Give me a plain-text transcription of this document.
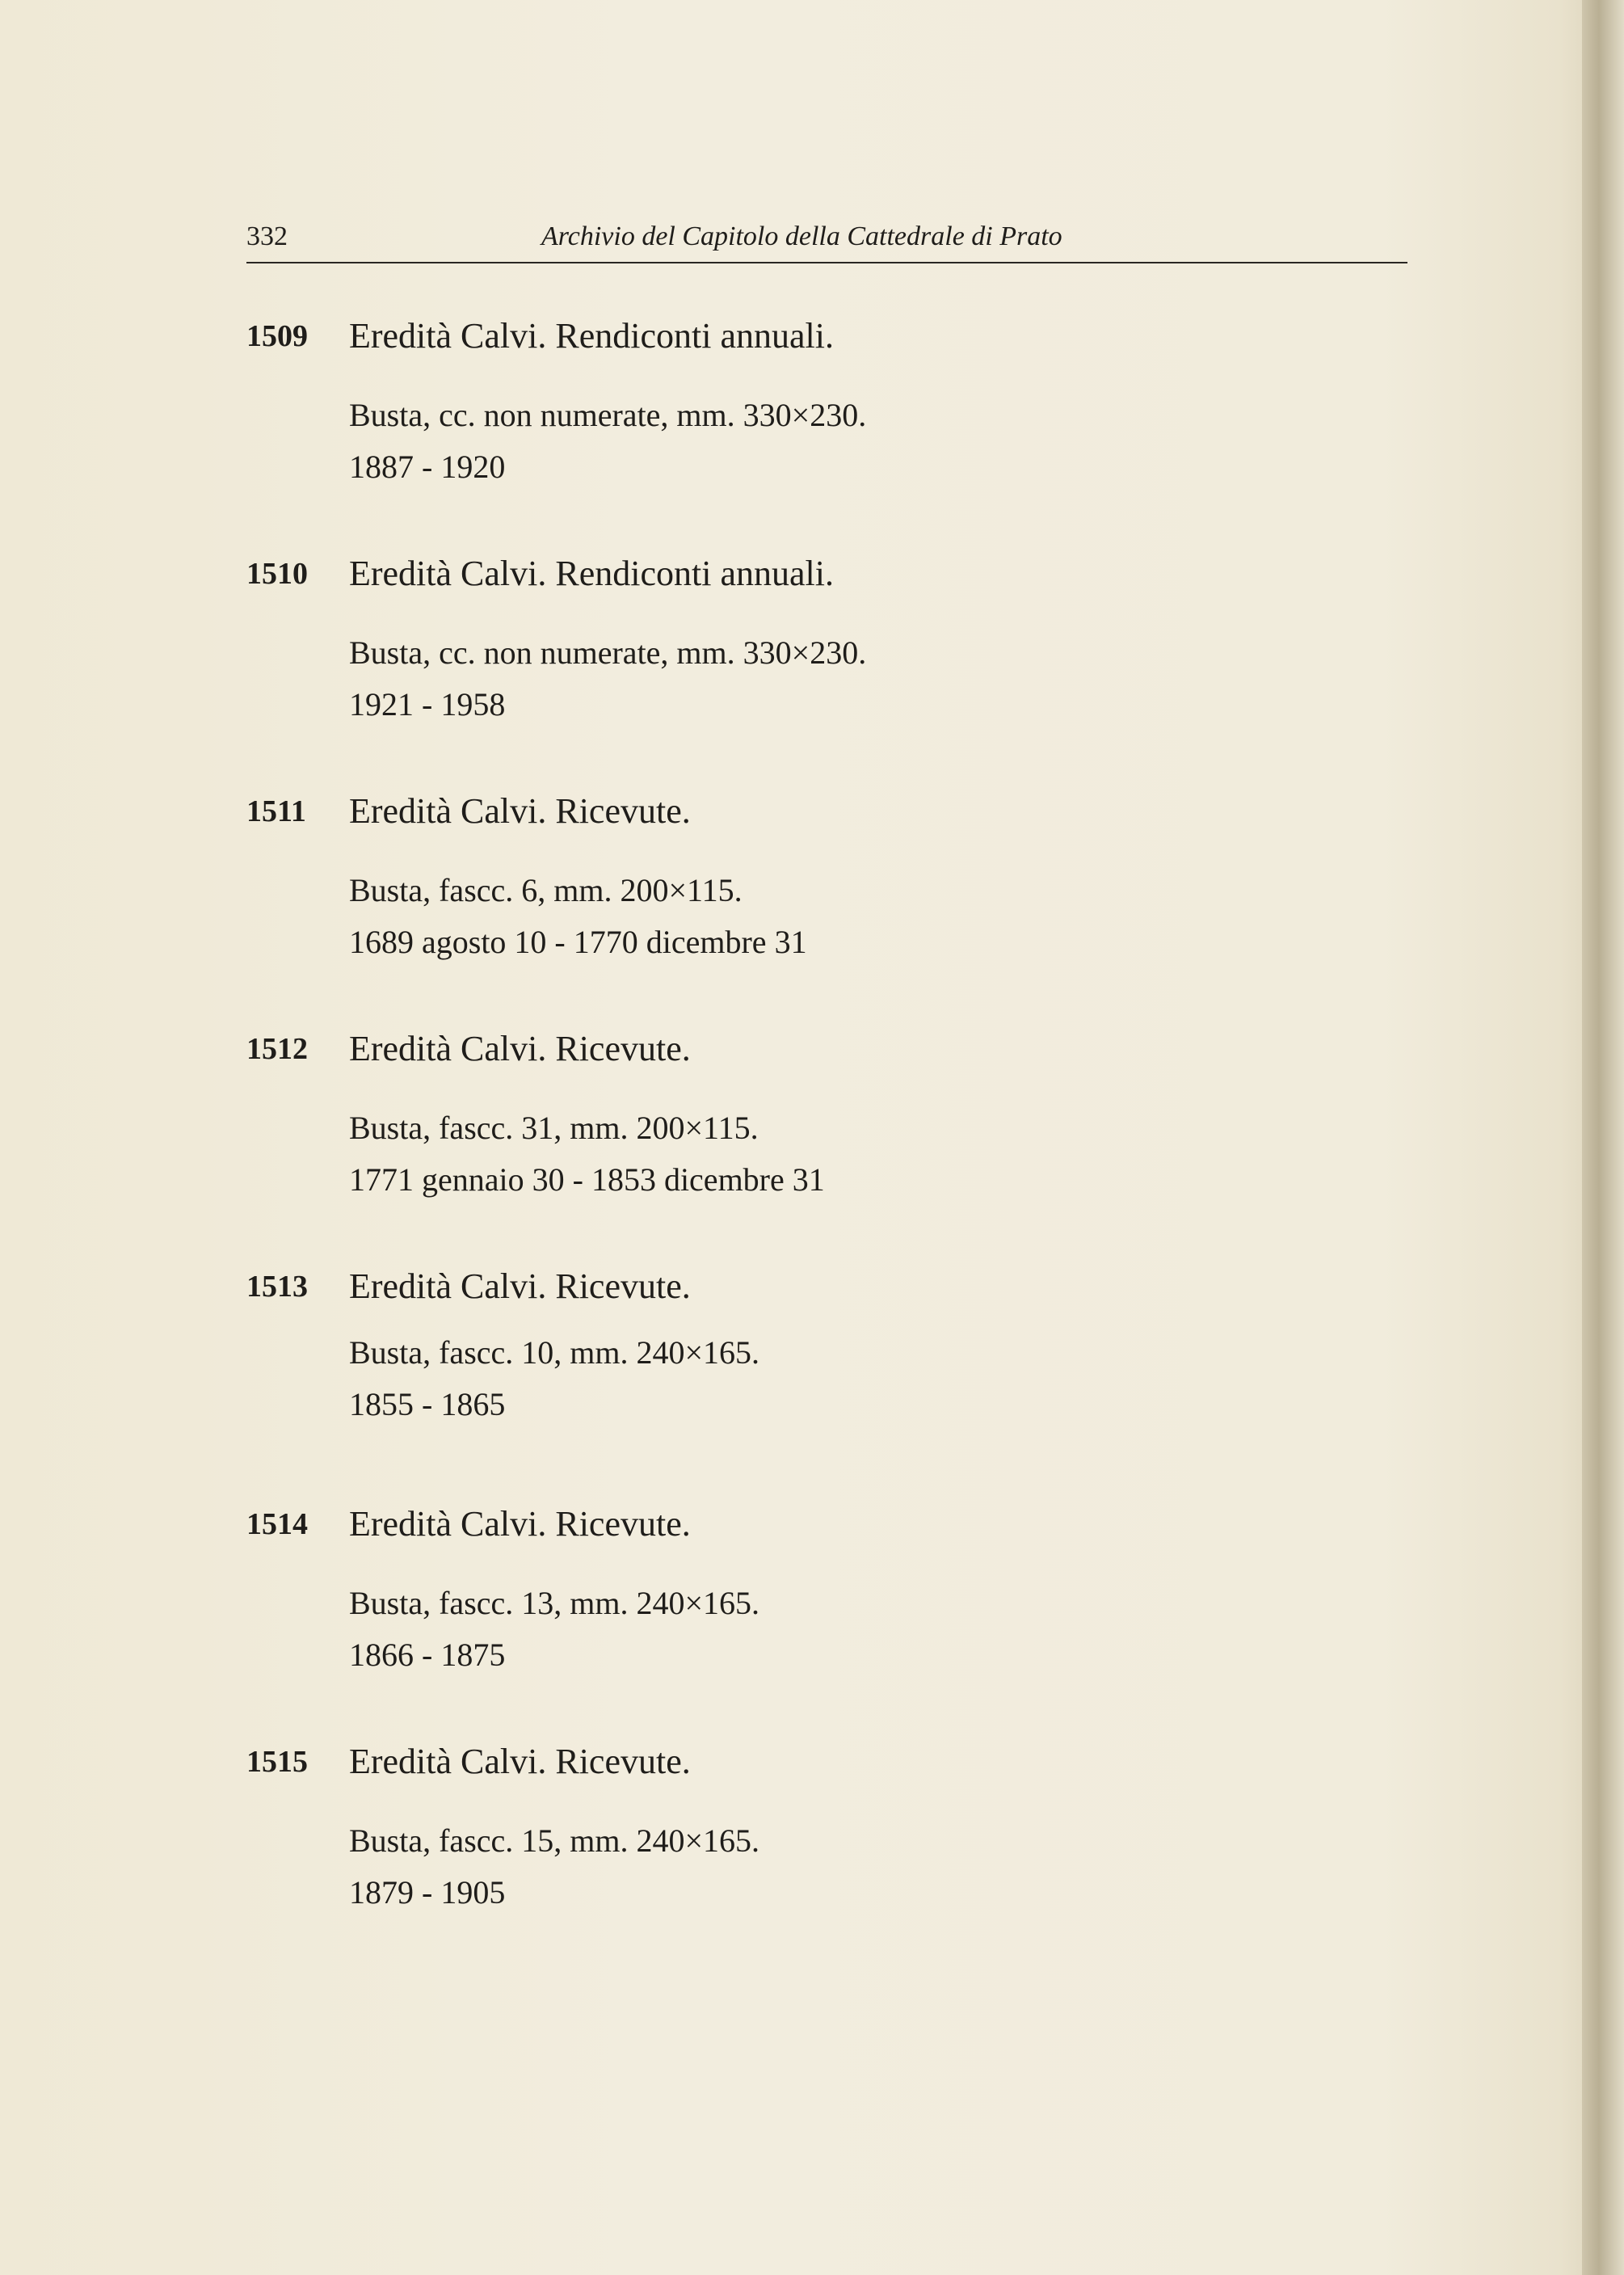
332	Archivio del Capitolo della Cattedrale di Prato
1509 Eredità Calvi. Rendiconti annuali.
Busta, cc. non numerate, mm. 330×230.
1887 - 1920
1510 Eredità Calvi. Rendiconti annuali.
Busta, cc. non numerate, mm. 330×230.
1921 - 1958
1511 Eredità Calvi. Ricevute.
Busta, fascc. 6, mm. 200×115.
1689 agosto 10 - 1770 dicembre 31
1512 Eredità Calvi. Ricevute.
Busta, fascc. 31, mm. 200×115.
1771 gennaio 30 - 1853 dicembre 31
1513 Eredità Calvi. Ricevute.
Busta, fascc. 10, mm. 240×165.
1855 - 1865
1514 Eredità Calvi. Ricevute.
Busta, fascc. 13, mm. 240×165.
1866 - 1875
1515 Eredità Calvi. Ricevute.
Busta, fascc. 15, mm. 240×165.
1879 - 1905
